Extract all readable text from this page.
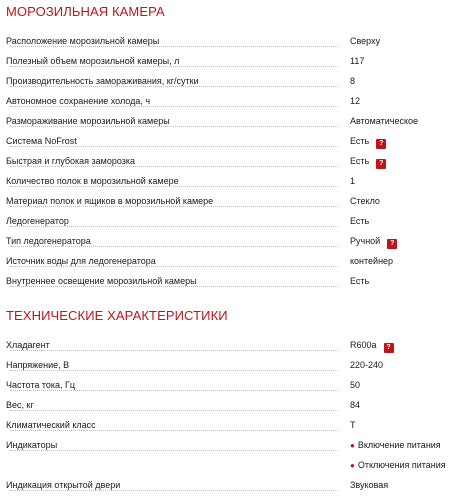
МОРОЗИЛЬНАЯ КАМЕРА
Расположение морозильной камеры	Сверху
Полезный объем морозильной камеры, л	117
Производительность замораживания, кг/сутки	8
Автономное сохранение холода, ч	12
Размораживание морозильной камеры	Автоматическое
Система NoFrost	Есть ?
Быстрая и глубокая заморозка	Есть ?
Количество полок в морозильной камере	1
Материал полок и ящиков в морозильной камере	Стекло
Ледогенератор	Есть
Тип ледогенератора	Ручной ?
Источник воды для ледогенератора	контейнер
Внутреннее освещение морозильной камеры	Есть
ТЕХНИЧЕСКИЕ ХАРАКТЕРИСТИКИ
Хладагент	R600a ?
Напряжение, В	220-240
Частота тока, Гц	50
Вес, кг	84
Климатический класс	T
Индикаторы	● Включение питания
● Отключения питания
Индикация открытой двери	Звуковая
